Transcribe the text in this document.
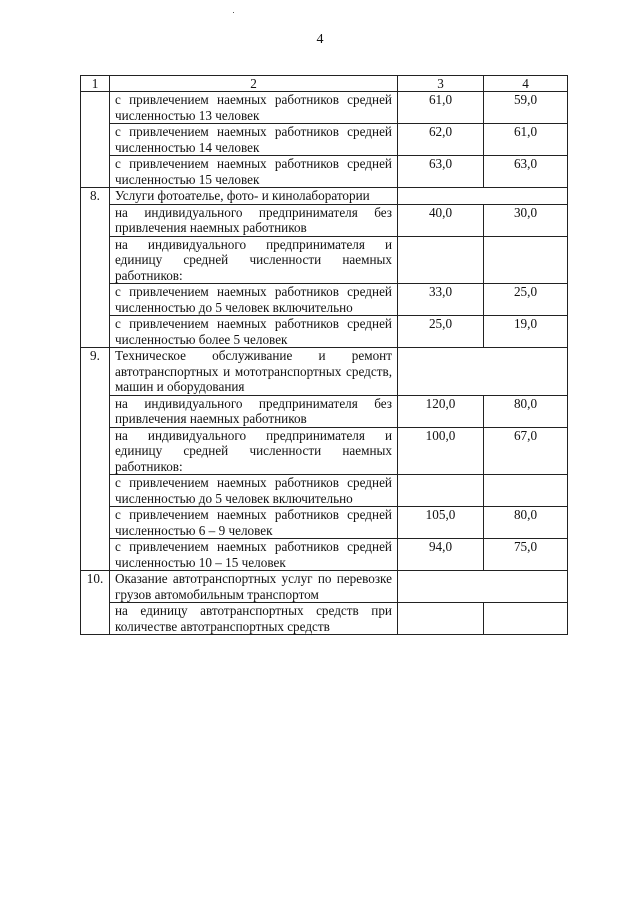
4
1	2	3	4
	с привлечением наемных работников средней численностью 13 человек	61,0	59,0
	с привлечением наемных работников средней численностью 14 человек	62,0	61,0
	с привлечением наемных работников средней численностью 15 человек	63,0	63,0
8.	Услуги фотоателье, фото- и кинолаборатории		
	на индивидуального предпринимателя без привлечения наемных работников	40,0	30,0
	на индивидуального предпринимателя и единицу средней численности наемных работников:		
	с привлечением наемных работников средней численностью до 5 человек включительно	33,0	25,0
	с привлечением наемных работников средней численностью более 5 человек	25,0	19,0
9.	Техническое обслуживание и ремонт автотранспортных и мототранспортных средств, машин и оборудования		
	на индивидуального предпринимателя без привлечения наемных работников	120,0	80,0
	на индивидуального предпринимателя и единицу средней численности наемных работников:	100,0	67,0
	с привлечением наемных работников средней численностью до 5 человек включительно		
	с привлечением наемных работников средней численностью 6 – 9 человек	105,0	80,0
	с привлечением наемных работников средней численностью 10 – 15 человек	94,0	75,0
10.	Оказание автотранспортных услуг по перевозке грузов автомобильным транспортом		
	на единицу автотранспортных средств при количестве автотранспортных средств		
